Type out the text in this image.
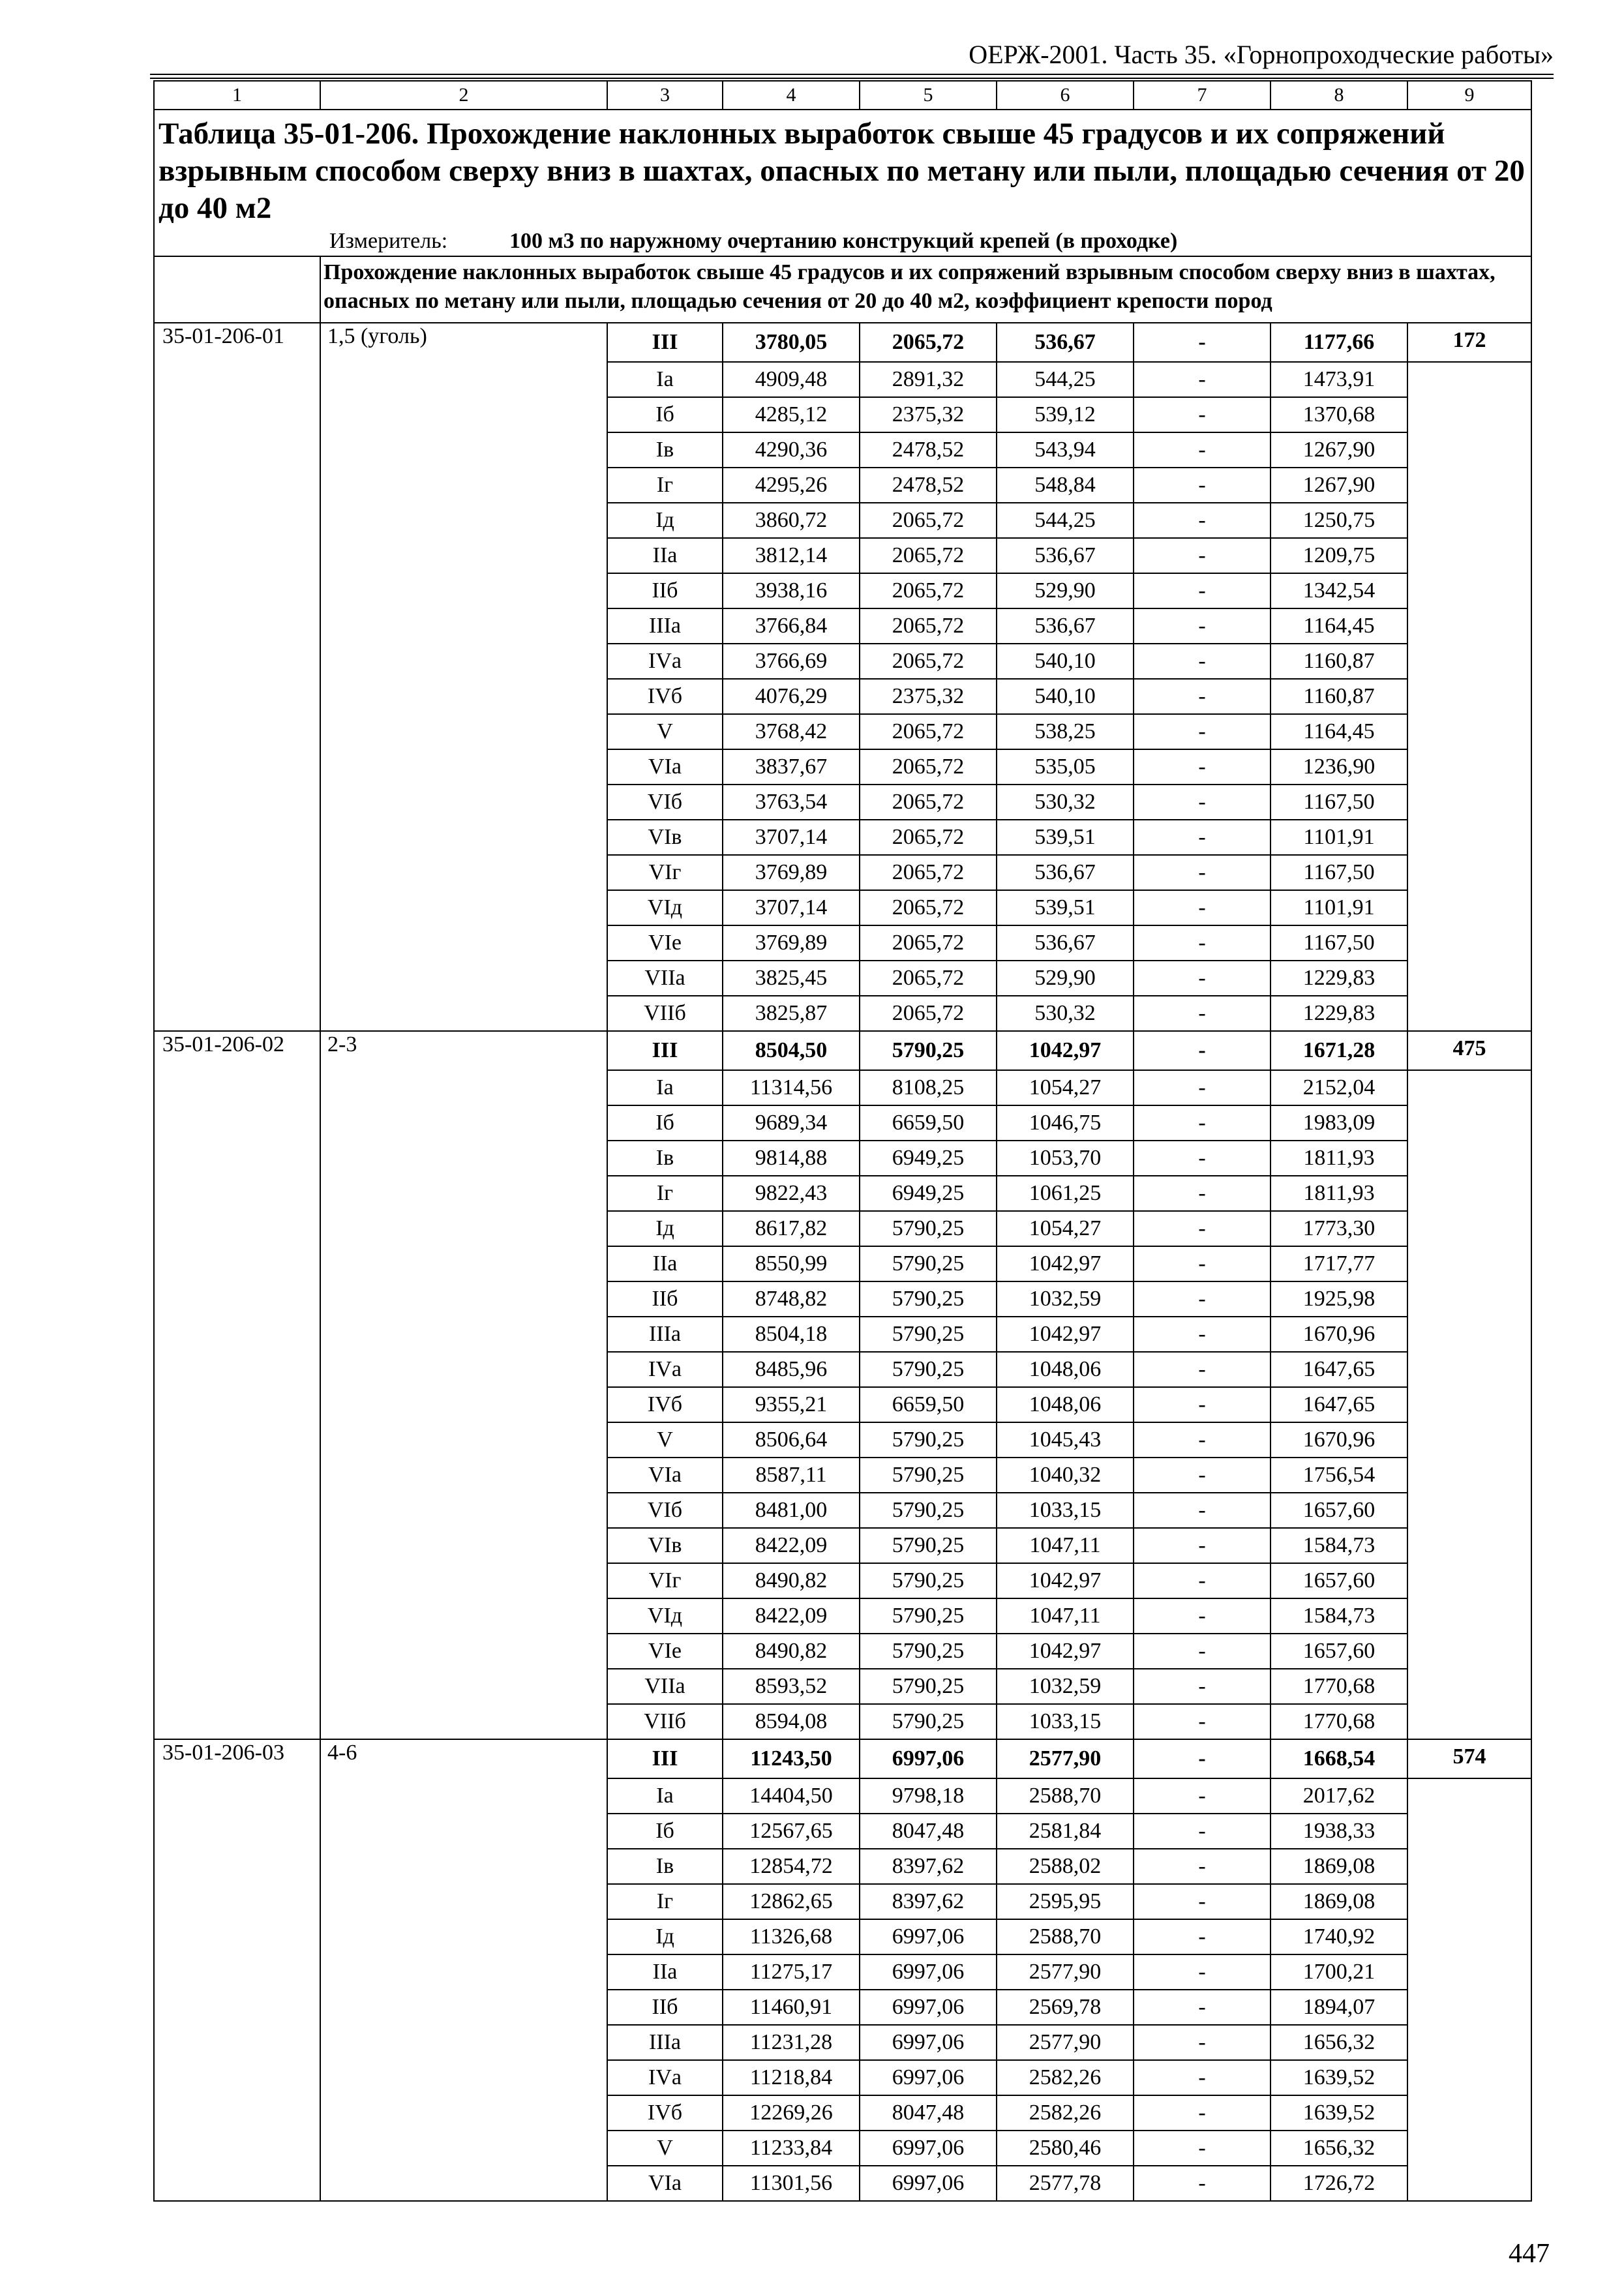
ОЕРЖ-2001. Часть 35. «Горнопроходческие работы»
1	2	3	4	5	6	7	8	9

Таблица 35-01-206. Прохождение наклонных выработок свыше 45 градусов и их сопряжений взрывным способом сверху вниз в шахтах, опасных по метану или пыли, площадью сечения от 20 до 40 м2
Измеритель: 100 м3 по наружному очертанию конструкций крепей (в проходке)								

	Прохождение наклонных выработок свыше 45 градусов и их сопряжений взрывным способом сверху вниз в шахтах, опасных по метану или пыли, площадью сечения от 20 до 40 м2, коэффициент крепости пород							
35-01-206-01	1,5 (уголь)	III	3780,05	2065,72	536,67	-	1177,66	172
		Iа	4909,48	2891,32	544,25	-	1473,91	
		Iб	4285,12	2375,32	539,12	-	1370,68	
		Iв	4290,36	2478,52	543,94	-	1267,90	
		Iг	4295,26	2478,52	548,84	-	1267,90	
		Iд	3860,72	2065,72	544,25	-	1250,75	
		IIа	3812,14	2065,72	536,67	-	1209,75	
		IIб	3938,16	2065,72	529,90	-	1342,54	
		IIIа	3766,84	2065,72	536,67	-	1164,45	
		IVа	3766,69	2065,72	540,10	-	1160,87	
		IVб	4076,29	2375,32	540,10	-	1160,87	
		V	3768,42	2065,72	538,25	-	1164,45	
		VIа	3837,67	2065,72	535,05	-	1236,90	
		VIб	3763,54	2065,72	530,32	-	1167,50	
		VIв	3707,14	2065,72	539,51	-	1101,91	
		VIг	3769,89	2065,72	536,67	-	1167,50	
		VIд	3707,14	2065,72	539,51	-	1101,91	
		VIе	3769,89	2065,72	536,67	-	1167,50	
		VIIа	3825,45	2065,72	529,90	-	1229,83	
		VIIб	3825,87	2065,72	530,32	-	1229,83	
35-01-206-02	2-3	III	8504,50	5790,25	1042,97	-	1671,28	475
		Iа	11314,56	8108,25	1054,27	-	2152,04	
		Iб	9689,34	6659,50	1046,75	-	1983,09	
		Iв	9814,88	6949,25	1053,70	-	1811,93	
		Iг	9822,43	6949,25	1061,25	-	1811,93	
		Iд	8617,82	5790,25	1054,27	-	1773,30	
		IIа	8550,99	5790,25	1042,97	-	1717,77	
		IIб	8748,82	5790,25	1032,59	-	1925,98	
		IIIа	8504,18	5790,25	1042,97	-	1670,96	
		IVа	8485,96	5790,25	1048,06	-	1647,65	
		IVб	9355,21	6659,50	1048,06	-	1647,65	
		V	8506,64	5790,25	1045,43	-	1670,96	
		VIа	8587,11	5790,25	1040,32	-	1756,54	
		VIб	8481,00	5790,25	1033,15	-	1657,60	
		VIв	8422,09	5790,25	1047,11	-	1584,73	
		VIг	8490,82	5790,25	1042,97	-	1657,60	
		VIд	8422,09	5790,25	1047,11	-	1584,73	
		VIе	8490,82	5790,25	1042,97	-	1657,60	
		VIIа	8593,52	5790,25	1032,59	-	1770,68	
		VIIб	8594,08	5790,25	1033,15	-	1770,68	
35-01-206-03	4-6	III	11243,50	6997,06	2577,90	-	1668,54	574
		Iа	14404,50	9798,18	2588,70	-	2017,62	
		Iб	12567,65	8047,48	2581,84	-	1938,33	
		Iв	12854,72	8397,62	2588,02	-	1869,08	
		Iг	12862,65	8397,62	2595,95	-	1869,08	
		Iд	11326,68	6997,06	2588,70	-	1740,92	
		IIа	11275,17	6997,06	2577,90	-	1700,21	
		IIб	11460,91	6997,06	2569,78	-	1894,07	
		IIIа	11231,28	6997,06	2577,90	-	1656,32	
		IVа	11218,84	6997,06	2582,26	-	1639,52	
		IVб	12269,26	8047,48	2582,26	-	1639,52	
		V	11233,84	6997,06	2580,46	-	1656,32	
		VIа	11301,56	6997,06	2577,78	-	1726,72	
447
